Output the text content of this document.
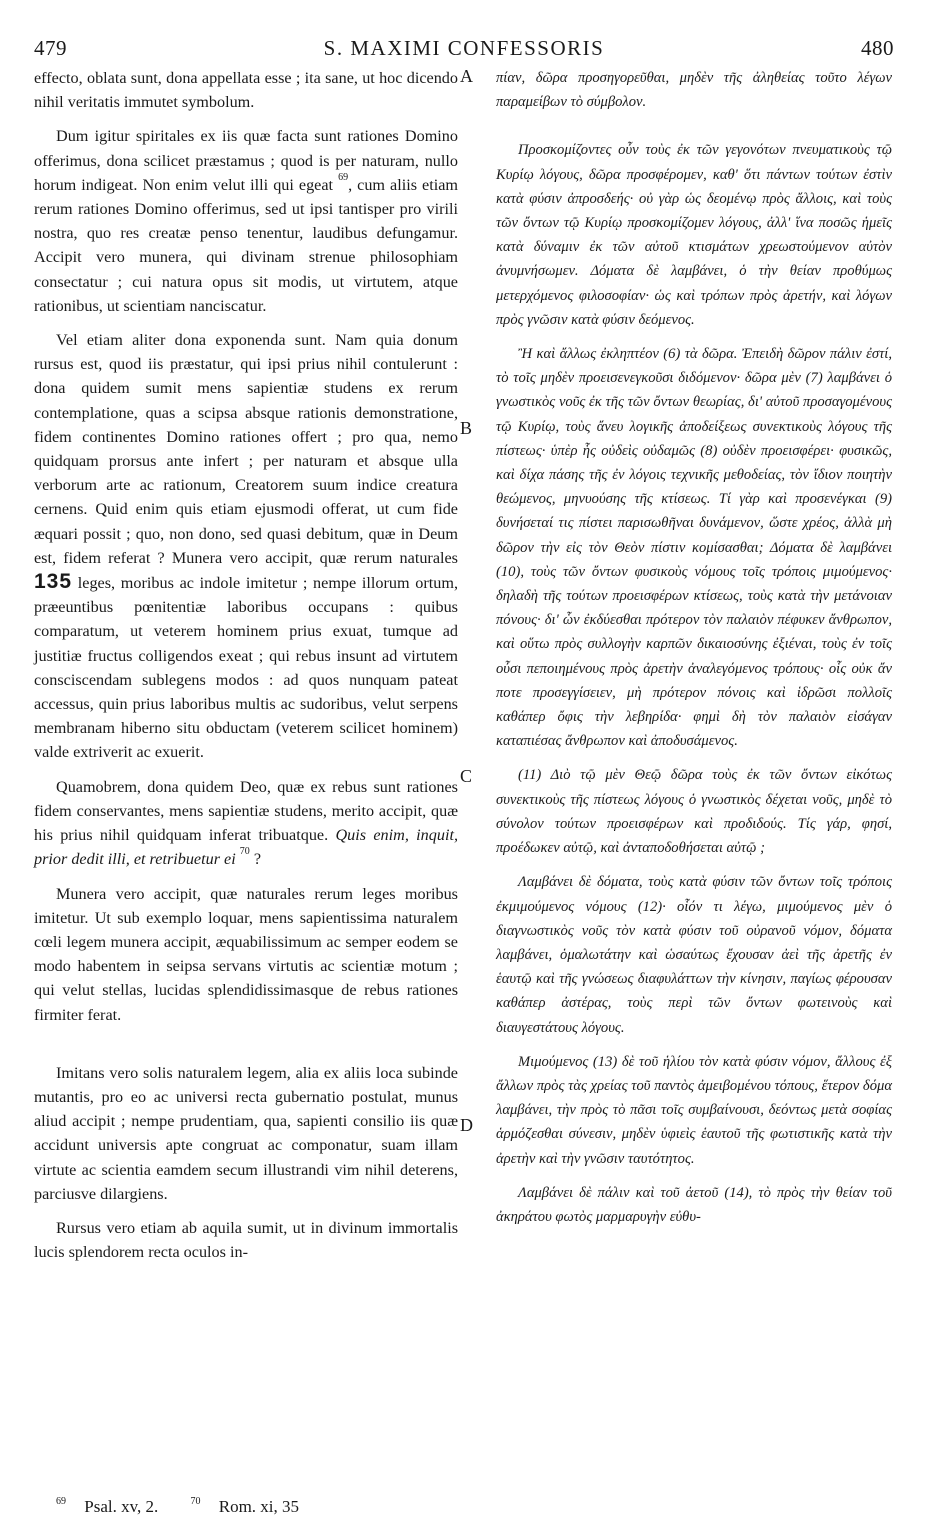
479	S. MAXIMI CONFESSORIS	480

effecto, oblata sunt, dona appellata esse ; ita sane, ut hoc dicendo nihil veritatis immutet symbolum.

Dum igitur spiritales ex iis quæ facta sunt rationes Domino offerimus, dona scilicet præstamus ; quod is per naturam, nullo horum indigeat. Non enim velut illi qui egeat $^{69}$, cum aliis etiam rerum rationes Domino offerimus, sed ut ipsi tantisper pro virili nostra, quo res creatæ penso tenentur, laudibus defungamur. Accipit vero munera, qui divinam strenue philosophiam consectatur ; cui natura opus sit modis, ut virtutem, atque rationibus, ut scientiam nanciscatur.

Vel etiam aliter dona exponenda sunt. Nam quia donum rursus est, quod iis præstatur, qui ipsi prius nihil contulerunt : dona quidem sumit mens sapientiæ studens ex rerum contemplatione, quas a scipsa absque rationis demonstratione, fidem continentes Domino rationes offert ; pro qua, nemo quidquam prorsus ante infert ; per naturam et absque ulla verborum arte ac rationum, Creatorem suum indice creatura cernens. Quid enim quis etiam ejusmodi offerat, ut cum fide æquari possit ; quo, non dono, sed quasi debitum, quæ in Deum est, fidem referat ? Munera vero accipit, quæ rerum naturales 135 leges, moribus ac indole imitetur ; nempe illorum ortum, præeuntibus pœnitentiæ laboribus occupans : quibus comparatum, ut veterem hominem prius exuat, tumque ad justitiæ fructus colligendos exeat ; qui rebus insunt ad virtutem consciscendam sublegens modos : ad quos nunquam pateat accessus, quin prius laboribus multis ac sudoribus, velut serpens membranam hiberno situ obductam (veterem scilicet hominem) valde extriverit ac exuerit.

Quamobrem, dona quidem Deo, quæ ex rebus sunt rationes fidem conservantes, mens sapientiæ studens, merito accipit, quæ his prius nihil quidquam inferat tribuatque. Quis enim, inquit, prior dedit illi, et retribuetur ei $^{70}$ ?

Munera vero accipit, quæ naturales rerum leges moribus imitetur. Ut sub exemplo loquar, mens sapientissima naturalem cœli legem munera accipit, æquabilissimum ac semper eodem se modo habentem in seipsa servans virtutis ac scientiæ motum ; qui velut stellas, lucidas splendidissimasque de rebus rationes firmiter ferat.

Imitans vero solis naturalem legem, alia ex aliis loca subinde mutantis, pro eo ac universi recta gubernatio postulat, munus aliud accipit ; nempe prudentiam, qua, sapienti consilio iis quæ accidunt universis apte congruat ac componatur, suam illam virtute ac scientia eamdem secum illustrandi vim nihil deterens, parciusve dilargiens.

Rursus vero etiam ab aquila sumit, ut in divinum immortalis lucis splendorem recta oculos in-

A
B
C
D

πίαν, δῶρα προσηγορεῦθαι, μηδὲν τῆς ἀληθείας τοῦτο λέγων παραμείβων τὸ σύμβολον.

Προσκομίζοντες οὖν τοὺς ἐκ τῶν γεγονότων πνευματικοὺς τῷ Κυρίῳ λόγους, δῶρα προσφέρομεν, καθ' ὅτι πάντων τούτων ἐστὶν κατὰ φύσιν ἀπροσδεής· οὐ γὰρ ὡς δεομένῳ πρὸς ἄλλοις, καὶ τοὺς τῶν ὄντων τῷ Κυρίῳ προσκομίζομεν λόγους, ἀλλ' ἵνα ποσῶς ἡμεῖς κατὰ δύναμιν ἐκ τῶν αὐτοῦ κτισμάτων χρεωστούμενον αὐτὸν ἀνυμνήσωμεν. Δόματα δὲ λαμβάνει, ὁ τὴν θείαν προθύμως μετερχόμενος φιλοσοφίαν· ὡς καὶ τρόπων πρὸς ἀρετήν, καὶ λόγων πρὸς γνῶσιν κατὰ φύσιν δεόμενος.

Ἢ καὶ ἄλλως ἐκληπτέον (6) τὰ δῶρα. Ἐπειδὴ δῶρον πάλιν ἐστί, τὸ τοῖς μηδὲν προεισενεγκοῦσι διδόμενον· δῶρα μὲν (7) λαμβάνει ὁ γνωστικὸς νοῦς ἐκ τῆς τῶν ὄντων θεωρίας, δι' αὐτοῦ προσαγομένους τῷ Κυρίῳ, τοὺς ἄνευ λογικῆς ἀποδείξεως συνεκτικοὺς λόγους τῆς πίστεως· ὑπὲρ ἧς οὐδεὶς οὐδαμῶς (8) οὐδὲν προεισφέρει· φυσικῶς, καὶ δίχα πάσης τῆς ἐν λόγοις τεχνικῆς μεθοδείας, τὸν ἴδιον ποιητὴν θεώμενος, μηνυούσης τῆς κτίσεως. Τί γὰρ καὶ προσενέγκαι (9) δυνήσεταί τις πίστει παρισωθῆναι δυνάμενον, ὥστε χρέος, ἀλλὰ μὴ δῶρον τὴν εἰς τὸν Θεὸν πίστιν κομίσασθαι; Δόματα δὲ λαμβάνει (10), τοὺς τῶν ὄντων φυσικοὺς νόμους τοῖς τρόποις μιμούμενος· δηλαδὴ τῆς τούτων προεισφέρων κτίσεως, τοὺς κατὰ τὴν μετάνοιαν πόνους· δι' ὧν ἐκδύεσθαι πρότερον τὸν παλαιὸν πέφυκεν ἄνθρωπον, καὶ οὕτω πρὸς συλλογὴν καρπῶν δικαιοσύνης ἐξιέναι, τοὺς ἐν τοῖς οὖσι πεποιημένους πρὸς ἀρετὴν ἀναλεγόμενος τρόπους· οἷς οὐκ ἄν ποτε προσεγγίσειεν, μὴ πρότερον πόνοις καὶ ἱδρῶσι πολλοῖς καθάπερ ὄφις τὴν λεβηρίδα· φημὶ δὴ τὸν παλαιὸν εἰσάγαν καταπιέσας ἄνθρωπον καὶ ἀποδυσάμενος.

(11) Διὸ τῷ μὲν Θεῷ δῶρα τοὺς ἐκ τῶν ὄντων εἰκότως συνεκτικοὺς τῆς πίστεως λόγους ὁ γνωστικὸς δέχεται νοῦς, μηδὲ τὸ σύνολον τούτων προεισφέρων καὶ προδιδούς. Τίς γάρ, φησί, προέδωκεν αὐτῷ, καὶ ἀνταποδοθήσεται αὐτῷ ;

Λαμβάνει δὲ δόματα, τοὺς κατὰ φύσιν τῶν ὄντων τοῖς τρόποις ἐκμιμούμενος νόμους (12)· οἷόν τι λέγω, μιμούμενος μὲν ὁ διαγνωστικὸς νοῦς τὸν κατὰ φύσιν τοῦ οὐρανοῦ νόμον, δόματα λαμβάνει, ὁμαλωτάτην καὶ ὡσαύτως ἔχουσαν ἀεὶ τῆς ἀρετῆς ἐν ἑαυτῷ καὶ τῆς γνώσεως διαφυλάττων τὴν κίνησιν, παγίως φέρουσαν καθάπερ ἀστέρας, τοὺς περὶ τῶν ὄντων φωτεινοὺς καὶ διαυγεστάτους λόγους.

Μιμούμενος (13) δὲ τοῦ ἡλίου τὸν κατὰ φύσιν νόμον, ἄλλους ἐξ ἄλλων πρὸς τὰς χρείας τοῦ παντὸς ἀμειβομένου τόπους, ἕτερον δόμα λαμβάνει, τὴν πρὸς τὸ πᾶσι τοῖς συμβαίνουσι, δεόντως μετὰ σοφίας ἁρμόζεσθαι σύνεσιν, μηδὲν ὑφιεὶς ἑαυτοῦ τῆς φωτιστικῆς κατὰ τὴν ἀρετὴν καὶ τὴν γνῶσιν ταυτότητος.

Λαμβάνει δὲ πάλιν καὶ τοῦ ἀετοῦ (14), τὸ πρὸς τὴν θείαν τοῦ ἀκηράτου φωτὸς μαρμαρυγὴν εὐθυ-

$^{69}$ Psal. xv, 2.	$^{70}$ Rom. xi, 35
